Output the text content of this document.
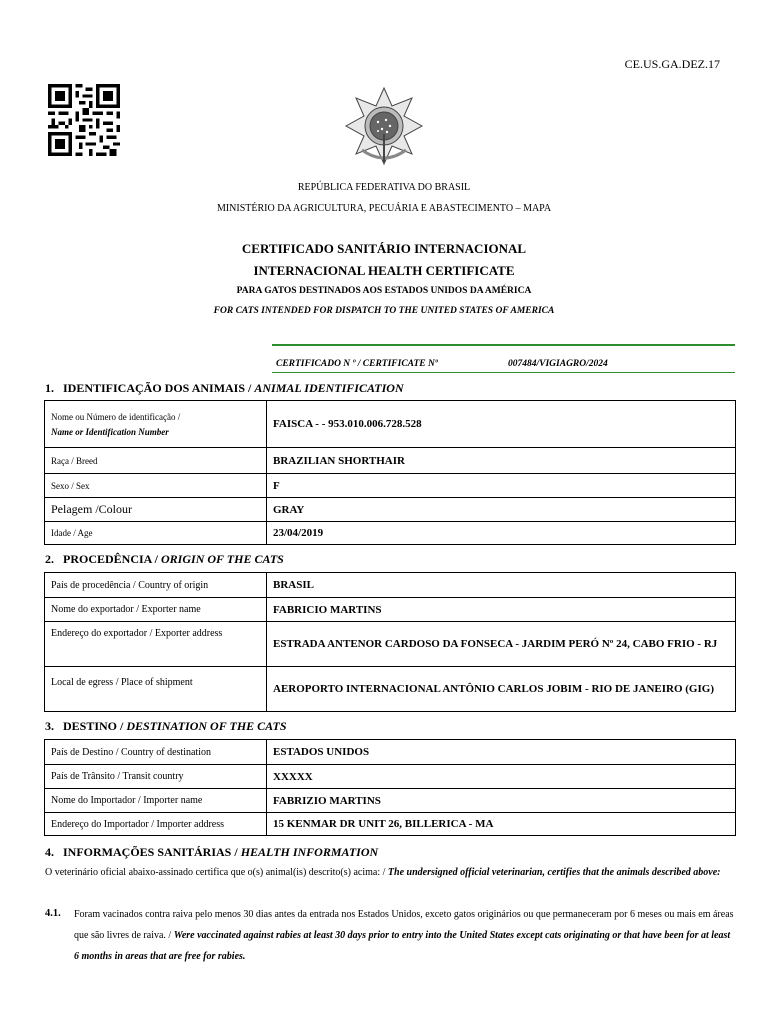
CE.US.GA.DEZ.17
REPÚBLICA FEDERATIVA DO BRASIL
MINISTÉRIO DA AGRICULTURA, PECUÁRIA E ABASTECIMENTO – MAPA
CERTIFICADO SANITÁRIO INTERNACIONAL
INTERNACIONAL HEALTH CERTIFICATE
PARA GATOS DESTINADOS AOS ESTADOS UNIDOS DA AMÉRICA
FOR CATS INTENDED FOR DISPATCH TO THE UNITED STATES OF AMERICA
CERTIFICADO N º / CERTIFICATE Nº	007484/VIGIAGRO/2024
1. IDENTIFICAÇÃO DOS ANIMAIS / ANIMAL IDENTIFICATION
Nome ou Número de identificação /
Name or Identification Number	FAISCA - - 953.010.006.728.528
Raça / Breed	BRAZILIAN SHORTHAIR
Sexo / Sex	F
Pelagem /Colour	GRAY
Idade / Age	23/04/2019
2. PROCEDÊNCIA / ORIGIN OF THE CATS
País de procedência / Country of origin	BRASIL
Nome do exportador / Exporter name	FABRICIO MARTINS
Endereço do exportador / Exporter address	ESTRADA ANTENOR CARDOSO DA FONSECA - JARDIM PERÓ Nº 24, CABO FRIO - RJ
Local de egress / Place of shipment	AEROPORTO INTERNACIONAL ANTÔNIO CARLOS JOBIM - RIO DE JANEIRO (GIG)
3. DESTINO / DESTINATION OF THE CATS
País de Destino / Country of destination	ESTADOS UNIDOS
País de Trânsito / Transit country	XXXXX
Nome do Importador / Importer name	FABRIZIO MARTINS
Endereço do Importador / Importer address	15 KENMAR DR UNIT 26, BILLERICA - MA
4. INFORMAÇÕES SANITÁRIAS / HEALTH INFORMATION
O veterinário oficial abaixo-assinado certifica que o(s) animal(is) descrito(s) acima: / The undersigned official veterinarian, certifies that the animals described above:
4.1. Foram vacinados contra raiva pelo menos 30 dias antes da entrada nos Estados Unidos, exceto gatos originários ou que permaneceram por 6 meses ou mais em áreas que são livres de raiva. / Were vaccinated against rabies at least 30 days prior to entry into the United States except cats originating or that have been for at least 6 months in areas that are free for rabies.
